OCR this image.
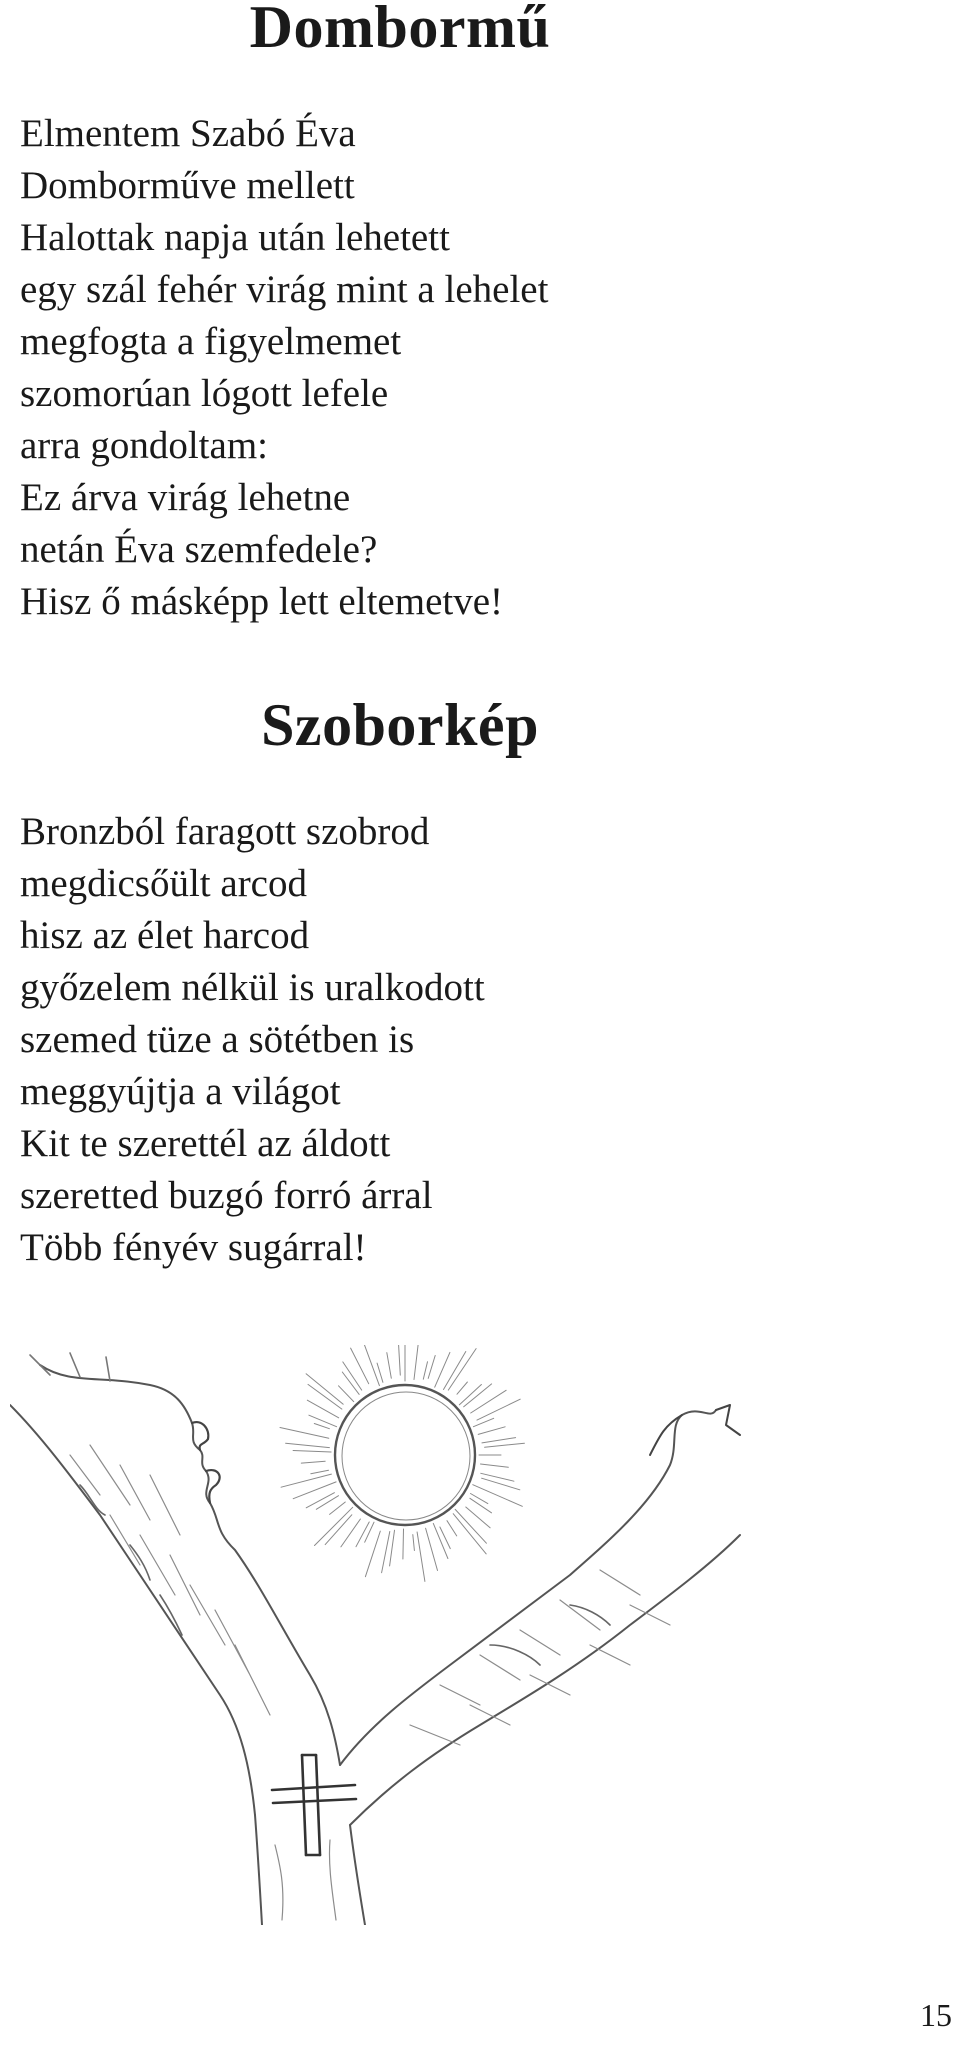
Dombormű
Elmentem Szabó Éva
Domborműve mellett
Halottak napja után lehetett
egy szál fehér virág mint a lehelet
megfogta a figyelmemet
szomorúan lógott lefele
arra gondoltam:
Ez árva virág lehetne
netán Éva szemfedele?
Hisz ő másképp lett eltemetve!
Szoborkép
Bronzból faragott szobrod
megdicsőült arcod
hisz az élet harcod
győzelem nélkül is uralkodott
szemed tüze a sötétben is
meggyújtja a világot
Kit te szerettél az áldott
szeretted buzgó forró árral
Több fényév sugárral!
15
